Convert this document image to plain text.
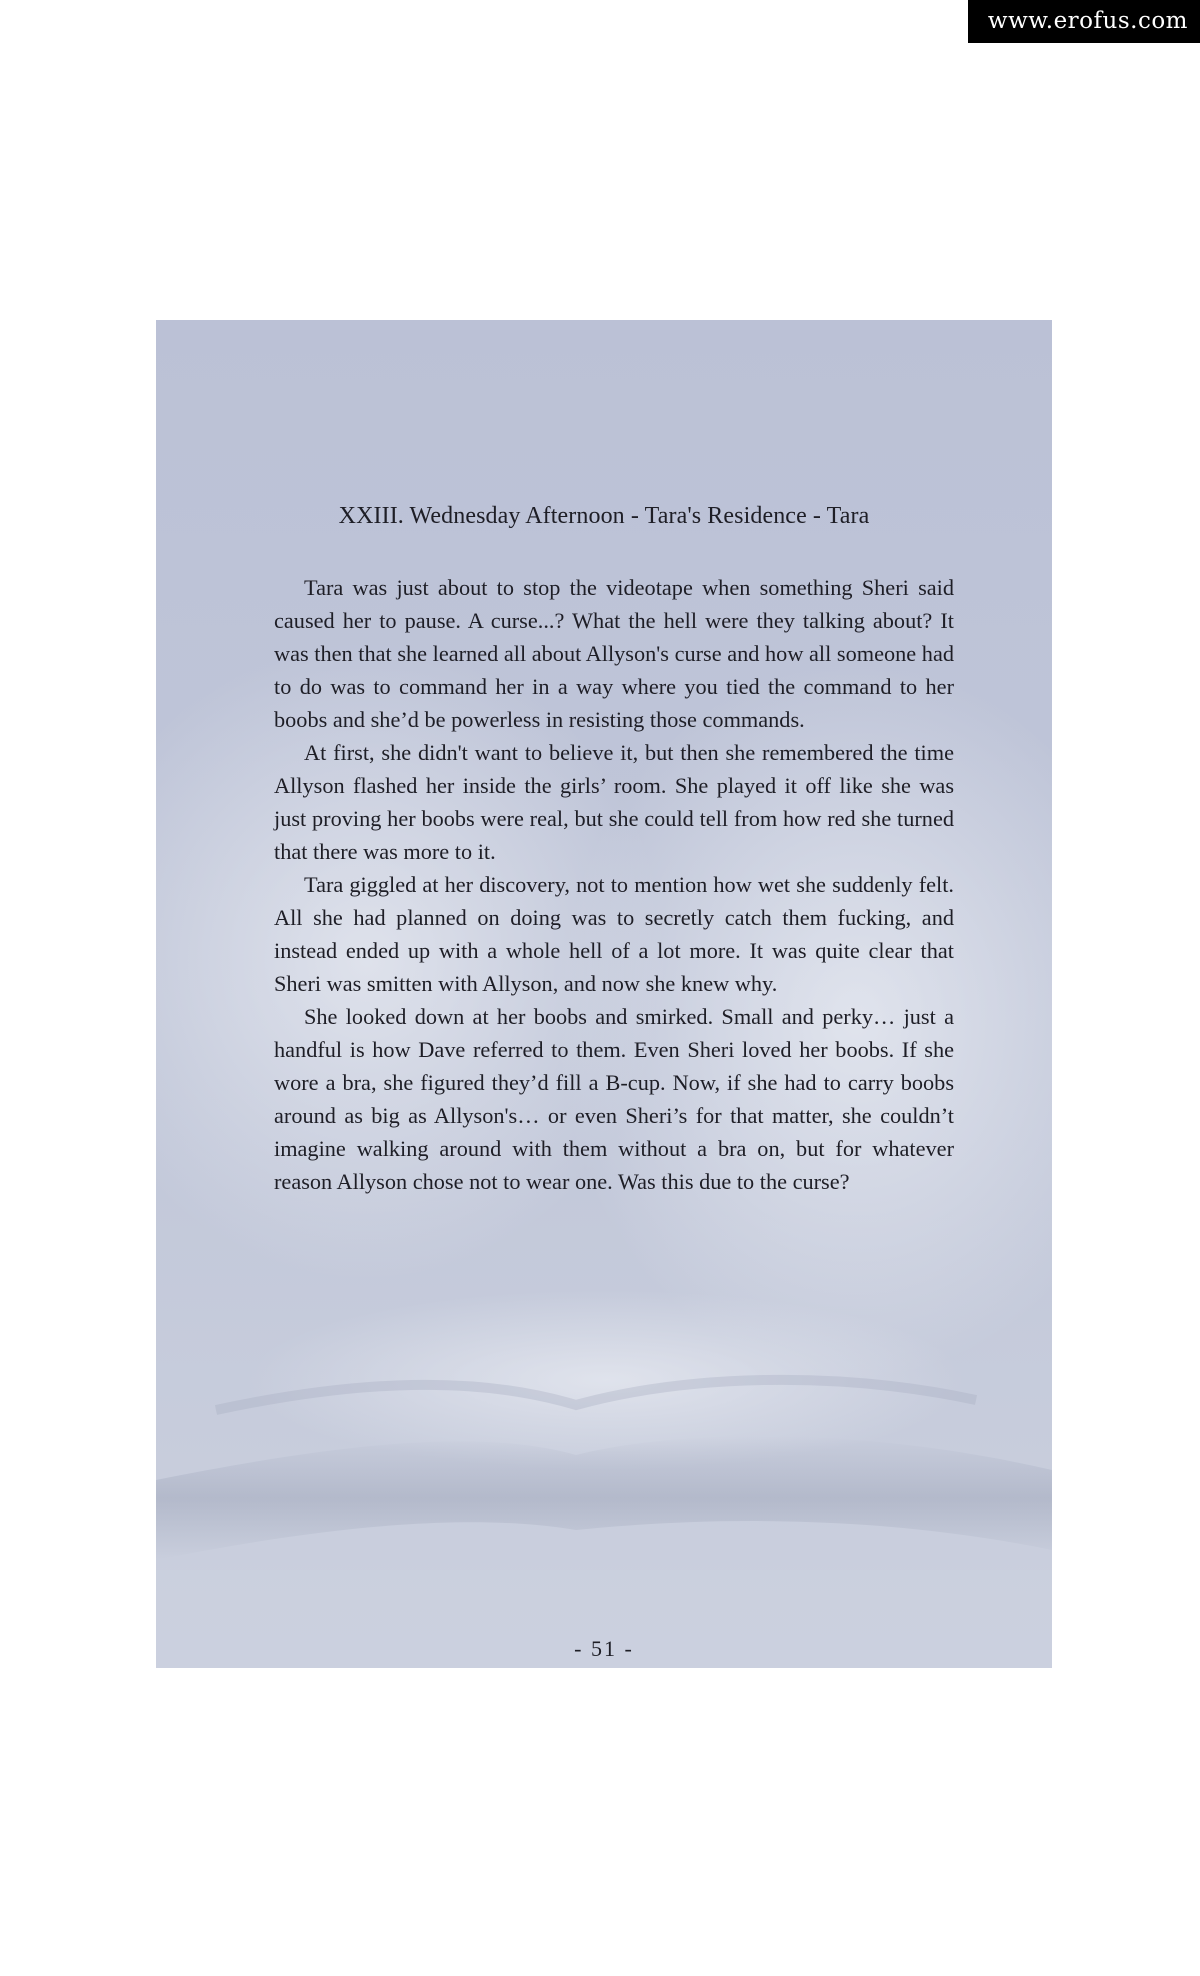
www.erofus.com
XXIII. Wednesday Afternoon - Tara's Residence - Tara

Tara was just about to stop the videotape when something Sheri said caused her to pause. A curse...? What the hell were they talking about? It was then that she learned all about Allyson's curse and how all someone had to do was to command her in a way where you tied the command to her boobs and she’d be powerless in resisting those commands.

At first, she didn't want to believe it, but then she remembered the time Allyson flashed her inside the girls’ room. She played it off like she was just proving her boobs were real, but she could tell from how red she turned that there was more to it.

Tara giggled at her discovery, not to mention how wet she suddenly felt. All she had planned on doing was to secretly catch them fucking, and instead ended up with a whole hell of a lot more. It was quite clear that Sheri was smitten with Allyson, and now she knew why.

She looked down at her boobs and smirked. Small and perky… just a handful is how Dave referred to them. Even Sheri loved her boobs. If she wore a bra, she figured they’d fill a B-cup. Now, if she had to carry boobs around as big as Allyson's… or even Sheri’s for that matter, she couldn’t imagine walking around with them without a bra on, but for whatever reason Allyson chose not to wear one. Was this due to the curse?

- 51 -
